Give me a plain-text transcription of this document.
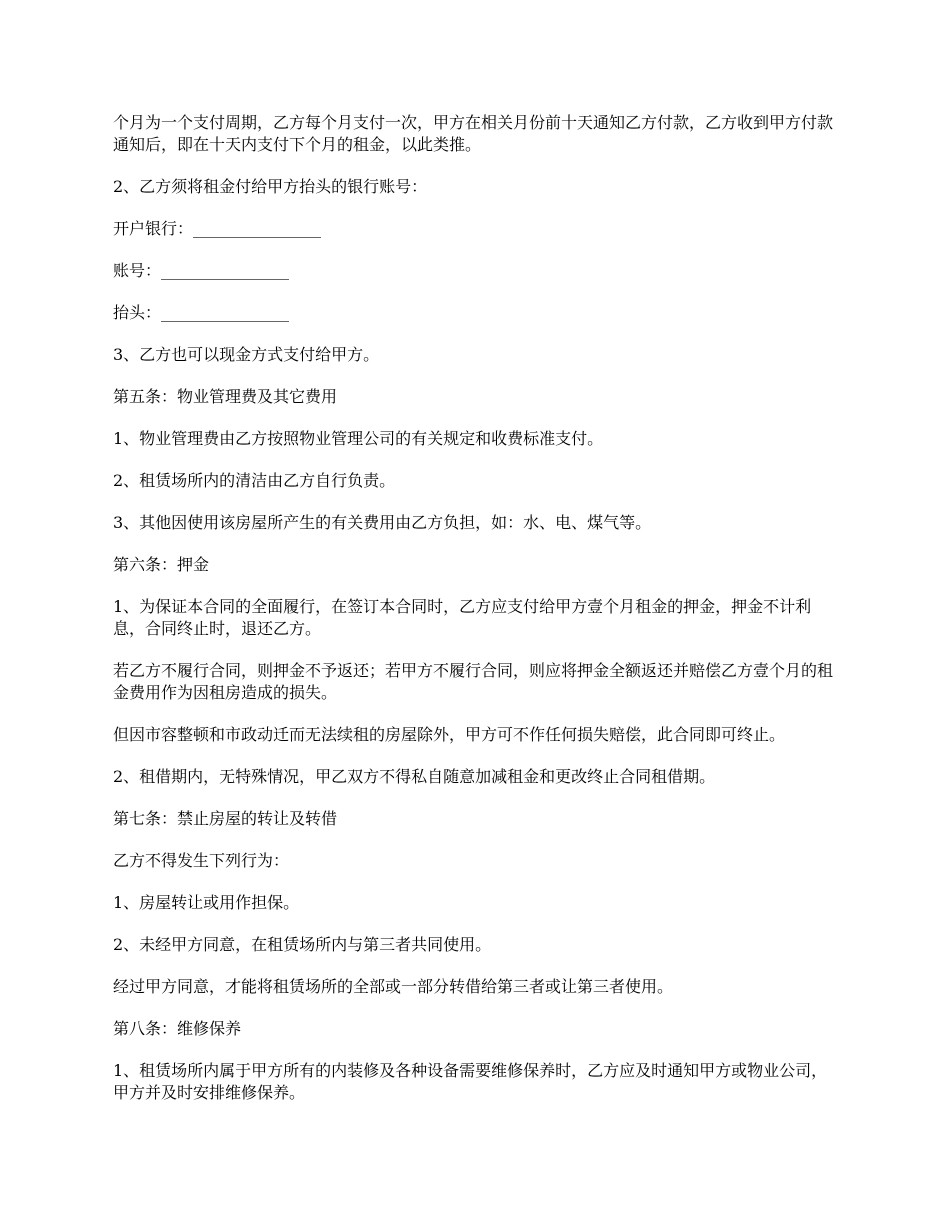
个月为一个支付周期，乙方每个月支付一次，甲方在相关月份前十天通知乙方付款，乙方收到甲方付款通知后，即在十天内支付下个月的租金，以此类推。

2、乙方须将租金付给甲方抬头的银行账号：

开户银行：________________

账号：________________

抬头：________________

3、乙方也可以现金方式支付给甲方。

第五条：物业管理费及其它费用

1、物业管理费由乙方按照物业管理公司的有关规定和收费标准支付。

2、租赁场所内的清洁由乙方自行负责。

3、其他因使用该房屋所产生的有关费用由乙方负担，如：水、电、煤气等。

第六条：押金

1、为保证本合同的全面履行，在签订本合同时，乙方应支付给甲方壹个月租金的押金，押金不计利息，合同终止时，退还乙方。

若乙方不履行合同，则押金不予返还；若甲方不履行合同，则应将押金全额返还并赔偿乙方壹个月的租金费用作为因租房造成的损失。

但因市容整顿和市政动迁而无法续租的房屋除外，甲方可不作任何损失赔偿，此合同即可终止。

2、租借期内，无特殊情况，甲乙双方不得私自随意加减租金和更改终止合同租借期。

第七条：禁止房屋的转让及转借

乙方不得发生下列行为：

1、房屋转让或用作担保。

2、未经甲方同意，在租赁场所内与第三者共同使用。

经过甲方同意，才能将租赁场所的全部或一部分转借给第三者或让第三者使用。

第八条：维修保养

1、租赁场所内属于甲方所有的内装修及各种设备需要维修保养时，乙方应及时通知甲方或物业公司，甲方并及时安排维修保养。
